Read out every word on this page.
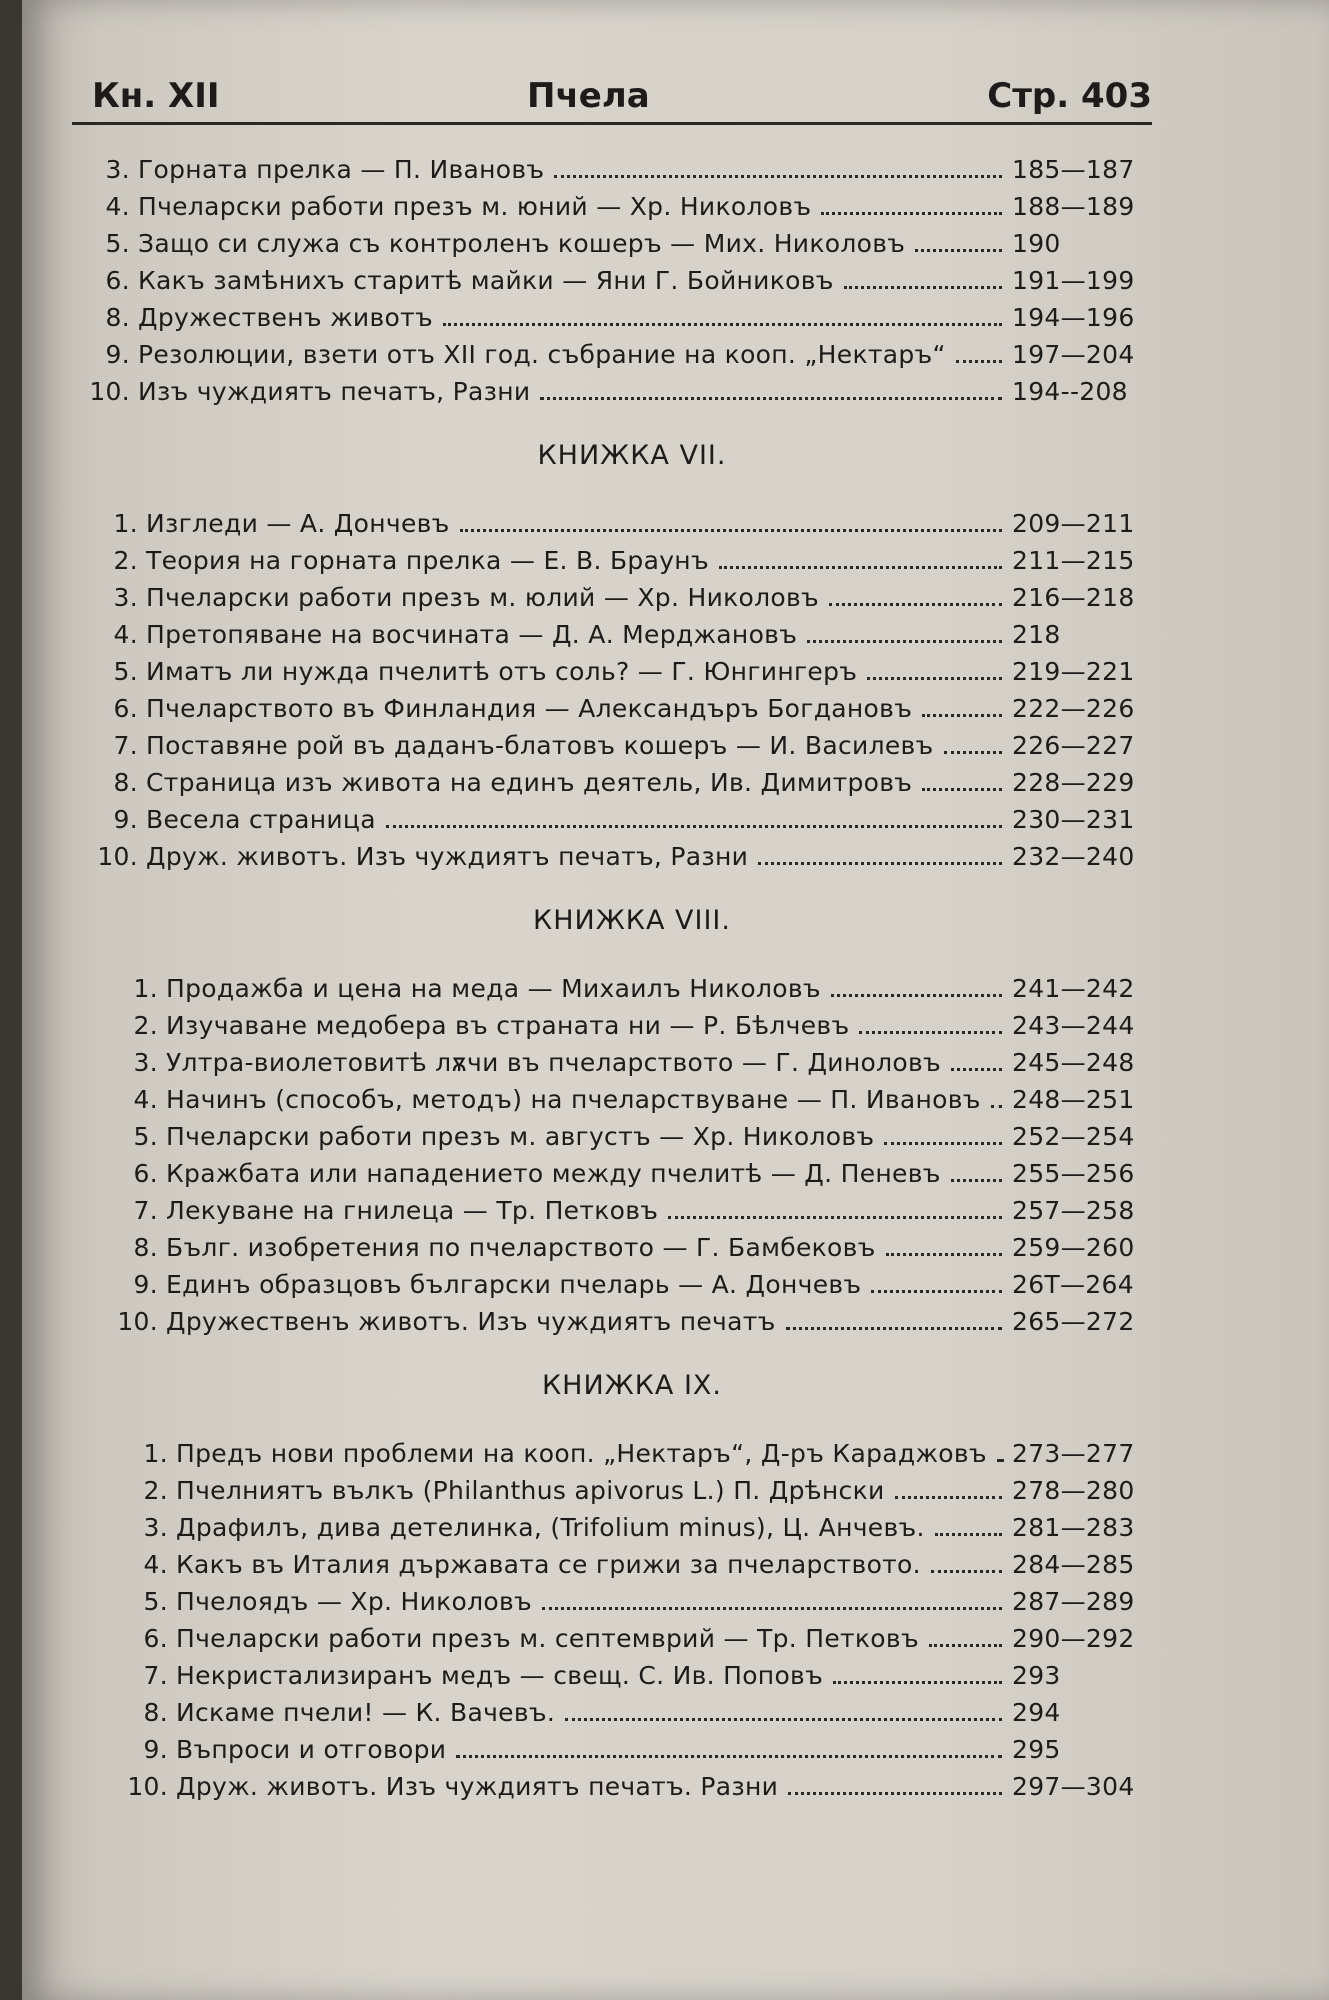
Кн. XII	Пчела	Стр. 403
3. Горната прелка — П. Ивановъ	185—187
4. Пчеларски работи презъ м. юний — Хр. Николовъ	188—189
5. Защо си служа съ контроленъ кошеръ — Мих. Николовъ	190
6. Какъ замѣнихъ старитѣ майки — Яни Г. Бойниковъ	191—199
8. Дружественъ животъ	194—196
9. Резолюции, взети отъ XII год. събрание на кооп. „Нектаръ“	197—204
10. Изъ чуждиятъ печатъ, Разни	194--208
КНИЖКА VII.
1. Изгледи — А. Дончевъ	209—211
2. Теория на горната прелка — Е. В. Браунъ	211—215
3. Пчеларски работи презъ м. юлий — Хр. Николовъ	216—218
4. Претопяване на восчината — Д. А. Мерджановъ	218
5. Иматъ ли нужда пчелитѣ отъ соль? — Г. Юнгингеръ	219—221
6. Пчеларството въ Финландия — Александъръ Богдановъ	222—226
7. Поставяне рой въ даданъ-блатовъ кошеръ — И. Василевъ	226—227
8. Страница изъ живота на единъ деятель, Ив. Димитровъ	228—229
9. Весела страница	230—231
10. Друж. животъ. Изъ чуждиятъ печатъ, Разни	232—240
КНИЖКА VIII.
1. Продажба и цена на меда — Михаилъ Николовъ	241—242
2. Изучаване медобера въ страната ни — Р. Бѣлчевъ	243—244
3. Ултра-виолетовитѣ лѫчи въ пчеларството — Г. Диноловъ	245—248
4. Начинъ (способъ, методъ) на пчеларствуване — П. Ивановъ 248—251
5. Пчеларски работи презъ м. августъ — Хр. Николовъ	252—254
6. Кражбата или нападението между пчелитѣ — Д. Пеневъ	255—256
7. Лекуване на гнилеца — Тр. Петковъ	257—258
8. Бълг. изобретения по пчеларството — Г. Бамбековъ	259—260
9. Единъ образцовъ български пчеларь — А. Дончевъ	26Т—264
10. Дружественъ животъ. Изъ чуждиятъ печатъ	265—272
КНИЖКА IX.
1. Предъ нови проблеми на кооп. „Нектаръ“, Д-ръ Караджовъ 273—277
2. Пчелниятъ вълкъ (Philanthus apivorus L.) П. Дрѣнски	278—280
3. Драфилъ, дива детелинка, (Trifolium minus), Ц. Анчевъ.	281—283
4. Какъ въ Италия държавата се грижи за пчеларството.	284—285
5. Пчелоядъ — Хр. Николовъ	287—289
6. Пчеларски работи презъ м. септемврий — Тр. Петковъ	290—292
7. Некристализиранъ медъ — свещ. С. Ив. Поповъ	293
8. Искаме пчели! — К. Вачевъ.	294
9. Въпроси и отговори	295
10. Друж. животъ. Изъ чуждиятъ печатъ. Разни	297—304
